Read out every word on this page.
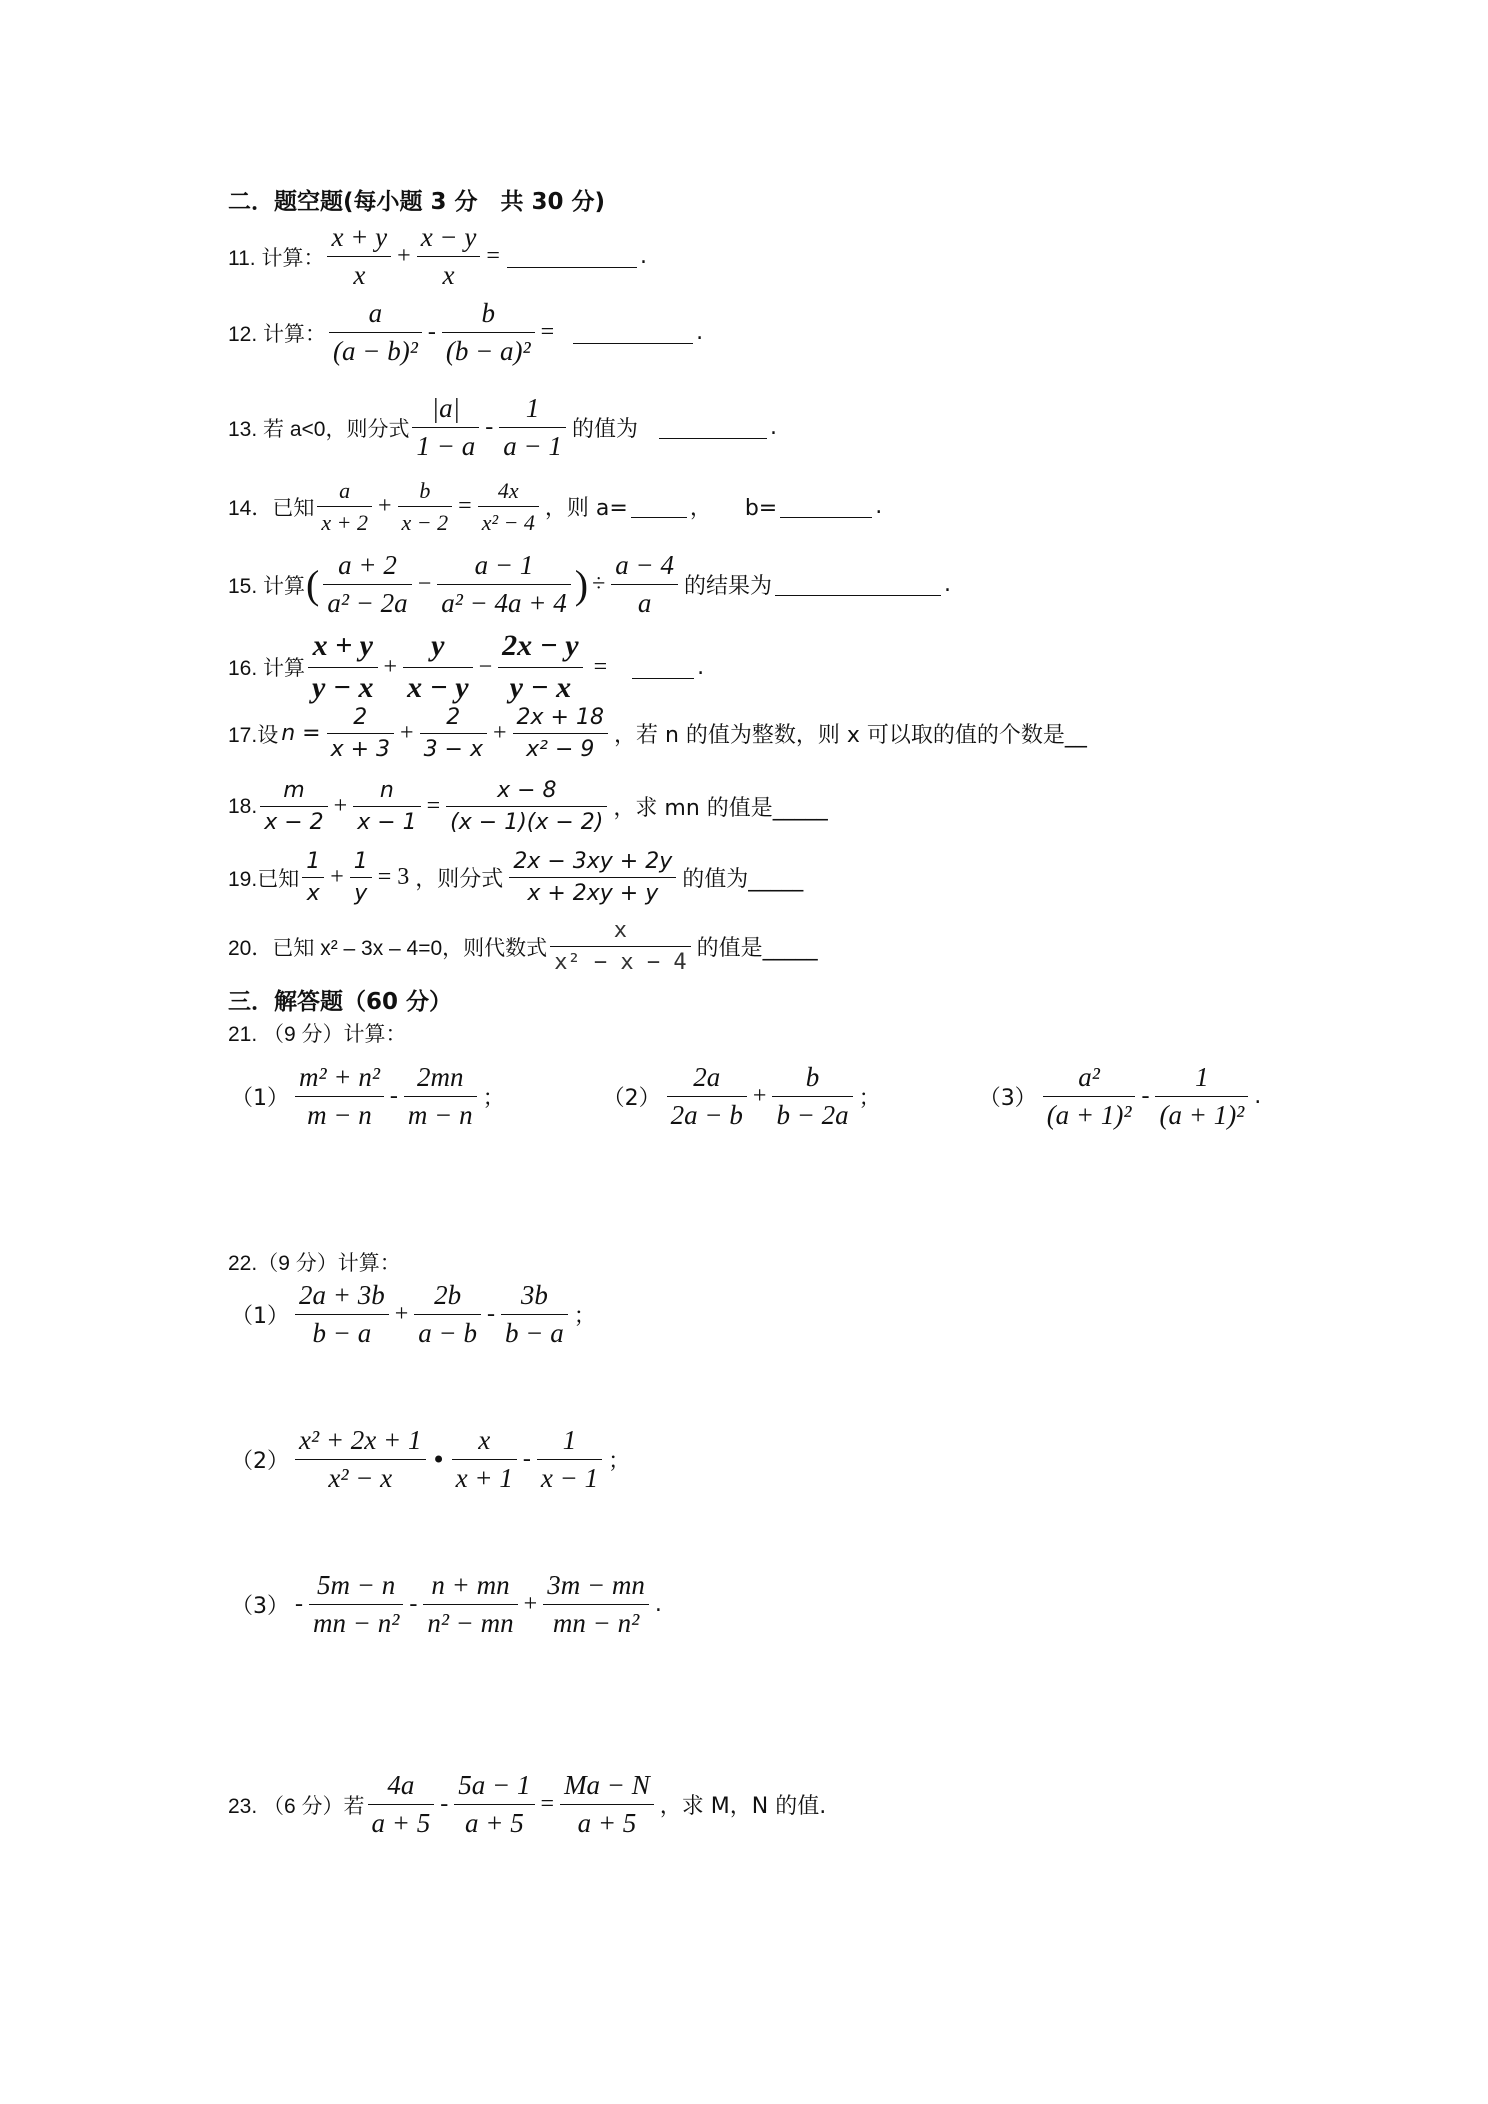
二．题空题(每小题 3 分　共 30 分)
11. 计算： $\frac{x + y}{x} + \frac{x - y}{x}$ =	.
12. 计算： $\frac{a}{\text{(a − b)²}} - \frac{b}{\text{(b − a)²}}$ =	.
13. 若 a<0，则分式 $\frac{|a|}{1 - a} - \frac{1}{a - 1}$ 的值为	.
14．已知 $\frac{a}{x + 2} + \frac{b}{x - 2} = \frac{4x}{\text{x² − 4}}$ ，则 a=	，　　b=	.
15. 计算 ( $\frac{a + 2}{\text{a² − 2a}} - \frac{a - 1}{\text{a² − 4a + 4}}$ ) ÷ $\frac{a - 4}{a}$ 的结果为	.
16. 计算 $\frac{x + y}{y - x} + \frac{y}{x - y} - \frac{2x - y}{y - x}$ =	.
17.设 $n = \frac{2}{x + 3} + \frac{2}{3 - x} + \frac{2x + 18}{\text{x² − 9}}$ ，若 n 的值为整数，则 x 可以取的值的个数是__
18. $\frac{m}{x - 2} + \frac{n}{x - 1} = \frac{x - 8}{(x - 1)(x - 2)}$ ，求 mn 的值是_____
19.已知 $\frac{1}{x} + \frac{1}{y} = 3$ ，则分式 $\frac{2x - 3xy + 2y}{x + 2xy + y}$ 的值为_____
20．已知 x² – 3x – 4=0，则代数式 $\frac{x}{\text{x² − x − 4}}$ 的值是_____
三．解答题（60 分）
21. （9 分）计算：
$(1) \frac{\text{m² + n²}}{m - n} - \frac{2mn}{m - n}$ ；	$(2) \frac{2a}{2a - b} + \frac{b}{b - 2a}$ ；	$(3) \frac{\text{a²}}{\text{(a + 1)²}} - \frac{1}{\text{(a + 1)²}}$ .
22.（9 分）计算：
$(1) \frac{2a + 3b}{b - a} + \frac{2b}{a - b} - \frac{3b}{b - a}$ ；
$(2) \frac{\text{x² + 2x + 1}}{\text{x² − x}}$ • $\frac{x}{x + 1} - \frac{1}{x - 1}$ ；
$(3) - \frac{5m - n}{\text{mn − n²}} - \frac{n + mn}{\text{n² − mn}} + \frac{3m - mn}{\text{mn − n²}}$ .
23. （6 分）若 $\frac{4a}{a + 5} - \frac{5a - 1}{a + 5} = \frac{Ma - N}{a + 5}$ ，求 M，N 的值.
